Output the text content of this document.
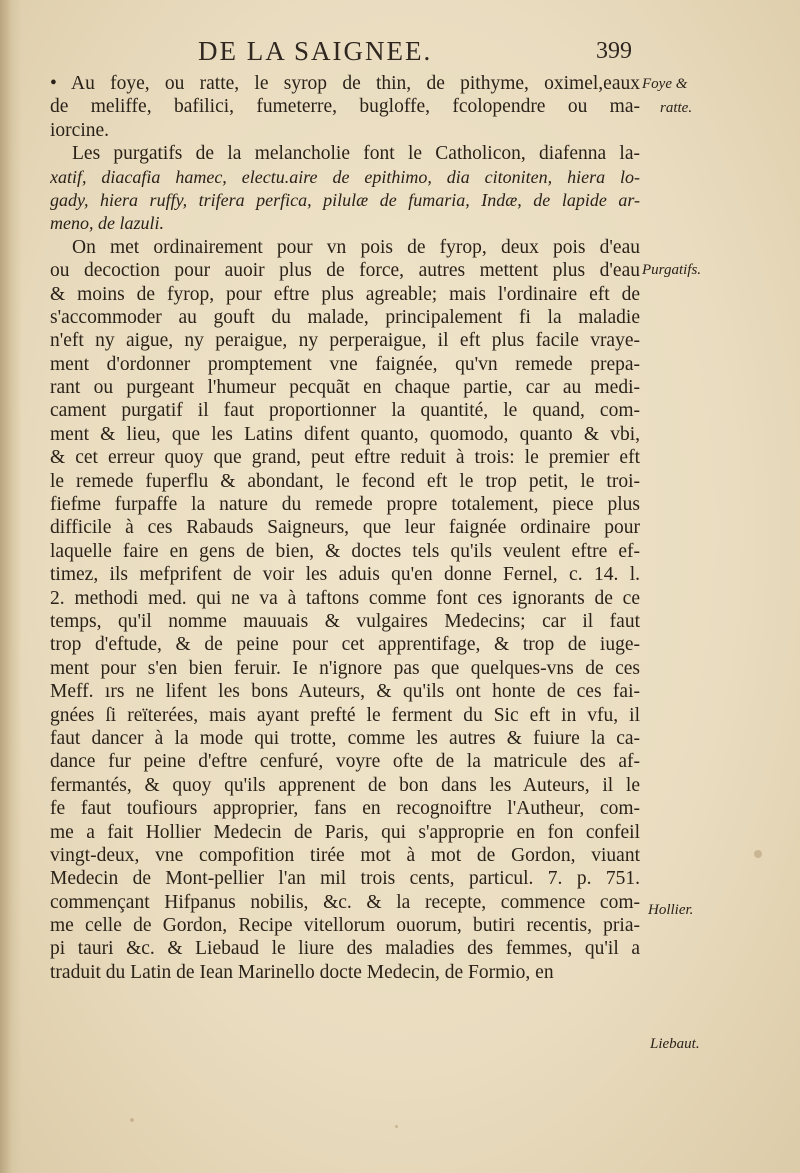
DE LA SAIGNEE.	399
• Au foye, ou ratte, le syrop de thin, de pithyme, oximel,eaux
de meliffe, bafilici, fumeterre, bugloffe, fcolopendre ou ma-
iorcine.
Les purgatifs de la melancholie font le Catholicon, diafenna la-
xatif, diacafia hamec, electu.aire de epithimo, dia citoniten, hiera lo-
gady, hiera ruffy, trifera perfica, pilulæ de fumaria, Indæ, de lapide ar-
meno, de lazuli.
On met ordinairement pour vn pois de fyrop, deux pois d'eau
ou decoction pour auoir plus de force, autres mettent plus d'eau
& moins de fyrop, pour eftre plus agreable; mais l'ordinaire eft de
s'accommoder au gouft du malade, principalement fi la maladie
n'eft ny aigue, ny peraigue, ny perperaigue, il eft plus facile vraye-
ment d'ordonner promptement vne faignée, qu'vn remede prepa-
rant ou purgeant l'humeur pecquãt en chaque partie, car au medi-
cament purgatif il faut proportionner la quantité, le quand, com-
ment & lieu, que les Latins difent quanto, quomodo, quanto & vbi,
& cet erreur quoy que grand, peut eftre reduit à trois: le premier eft
le remede fuperflu & abondant, le fecond eft le trop petit, le troi-
fiefme furpaffe la nature du remede propre totalement, piece plus
difficile à ces Rabauds Saigneurs, que leur faignée ordinaire pour
laquelle faire en gens de bien, & doctes tels qu'ils veulent eftre ef-
timez, ils mefprifent de voir les aduis qu'en donne Fernel, c. 14. l.
2. methodi med. qui ne va à taftons comme font ces ignorants de ce
temps, qu'il nomme mauuais & vulgaires Medecins; car il faut
trop d'eftude, & de peine pour cet apprentifage, & trop de iuge-
ment pour s'en bien feruir. Ie n'ignore pas que quelques-vns de ces
Meff. ırs ne lifent les bons Auteurs, & qu'ils ont honte de ces fai-
gnées ſi reïterées, mais ayant prefté le ferment du Sic eft in vfu, il
faut dancer à la mode qui trotte, comme les autres & fuiure la ca-
dance fur peine d'eftre cenfuré, voyre ofte de la matricule des af-
fermantés, & quoy qu'ils apprenent de bon dans les Auteurs, il le
fe faut toufiours approprier, fans en recognoiftre l'Autheur, com-
me a fait Hollier Medecin de Paris, qui s'approprie en fon confeil
vingt-deux, vne compofition tirée mot à mot de Gordon, viuant
Medecin de Mont-pellier l'an mil trois cents, particul. 7. p. 751.
commençant Hifpanus nobilis, &c. & la recepte, commence com-
me celle de Gordon, Recipe vitellorum ouorum, butiri recentis, pria-
pi tauri &c. & Liebaud le liure des maladies des femmes, qu'il a
traduit du Latin de Iean Marinello docte Medecin, de Formio, en
Foye &
ratte.
Purgatifs.
Hollier.
Liebaut.
